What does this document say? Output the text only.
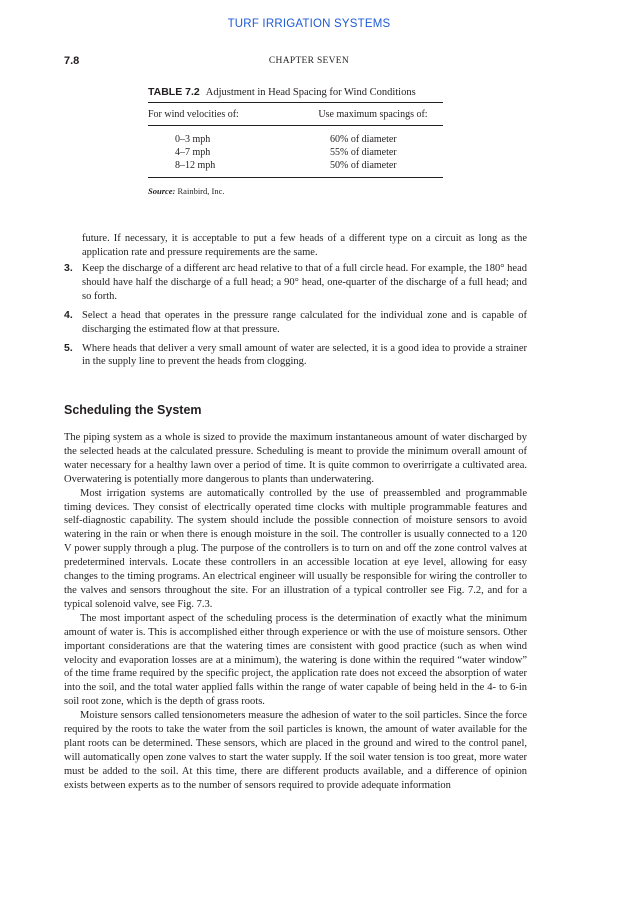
TURF IRRIGATION SYSTEMS
7.8	CHAPTER SEVEN

TABLE 7.2 Adjustment in Head Spacing for Wind Conditions

For wind velocities of:	Use maximum spacings of:
0–3 mph	60% of diameter
4–7 mph	55% of diameter
8–12 mph	50% of diameter
Source: Rainbird, Inc.

future. If necessary, it is acceptable to put a few heads of a different type on a circuit as long as the application rate and pressure requirements are the same.

3. Keep the discharge of a different arc head relative to that of a full circle head. For example, the 180° head should have half the discharge of a full head; a 90° head, one-quarter of the discharge of a full head; and so forth.
4. Select a head that operates in the pressure range calculated for the individual zone and is capable of discharging the estimated flow at that pressure.
5. Where heads that deliver a very small amount of water are selected, it is a good idea to provide a strainer in the supply line to prevent the heads from clogging.
Scheduling the System

The piping system as a whole is sized to provide the maximum instantaneous amount of water discharged by the selected heads at the calculated pressure. Scheduling is meant to provide the minimum overall amount of water necessary for a healthy lawn over a period of time. It is quite common to overirrigate a cultivated area. Overwatering is potentially more dangerous to plants than underwatering.

Most irrigation systems are automatically controlled by the use of preassembled and programmable timing devices. They consist of electrically operated time clocks with multiple programmable features and self-diagnostic capability. The system should include the possible connection of moisture sensors to avoid watering in the rain or when there is enough moisture in the soil. The controller is usually connected to a 120 V power supply through a plug. The purpose of the controllers is to turn on and off the zone control valves at predetermined intervals. Locate these controllers in an accessible location at eye level, allowing for easy changes to the timing programs. An electrical engineer will usually be responsible for wiring the controller to the valves and sensors throughout the site. For an illustration of a typical controller see Fig. 7.2, and for a typical solenoid valve, see Fig. 7.3.

The most important aspect of the scheduling process is the determination of exactly what the minimum amount of water is. This is accomplished either through experience or with the use of moisture sensors. Other important considerations are that the watering times are consistent with good practice (such as when wind velocity and evaporation losses are at a minimum), the watering is done within the required “water window” of the time frame required by the specific project, the application rate does not exceed the absorption of water into the soil, and the total water applied falls within the range of water capable of being held in the 4- to 6-in soil root zone, which is the depth of grass roots.

Moisture sensors called tensionometers measure the adhesion of water to the soil particles. Since the force required by the roots to take the water from the soil particles is known, the amount of water available for the plant roots can be determined. These sensors, which are placed in the ground and wired to the control panel, will automatically open zone valves to start the water supply. If the soil water tension is too great, more water must be added to the soil. At this time, there are different products available, and a difference of opinion exists between experts as to the number of sensors required to provide adequate information
